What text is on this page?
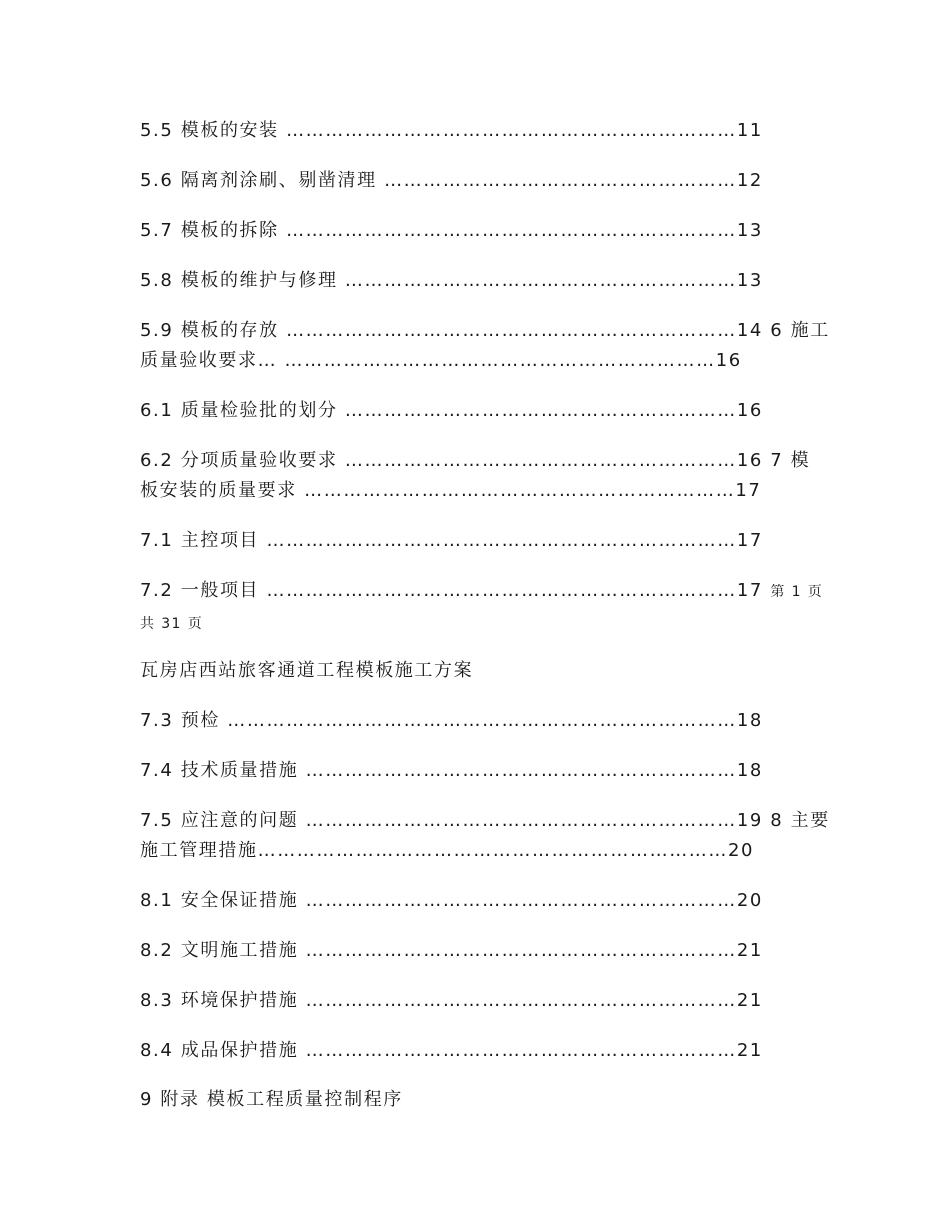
5.5 模板的安装 ……………………………………………………………11
5.6 隔离剂涂刷、剔凿清理 ………………………………………………12
5.7 模板的拆除 ……………………………………………………………13
5.8 模板的维护与修理 ……………………………………………………13
5.9 模板的存放 ……………………………………………………………14 6 施工
质量验收要求… …………………………………………………………16
6.1 质量检验批的划分 ……………………………………………………16
6.2 分项质量验收要求 ……………………………………………………16 7 模
板安装的质量要求 …………………………………………………………17
7.1 主控项目 ………………………………………………………………17
7.2 一般项目 ………………………………………………………………17 第 1 页
共 31 页
瓦房店西站旅客通道工程模板施工方案
7.3 预检 ……………………………………………………………………18
7.4 技术质量措施 …………………………………………………………18
7.5 应注意的问题 …………………………………………………………19 8 主要
施工管理措施………………………………………………………………20
8.1 安全保证措施 …………………………………………………………20
8.2 文明施工措施 …………………………………………………………21
8.3 环境保护措施 …………………………………………………………21
8.4 成品保护措施 …………………………………………………………21
9 附录 模板工程质量控制程序
